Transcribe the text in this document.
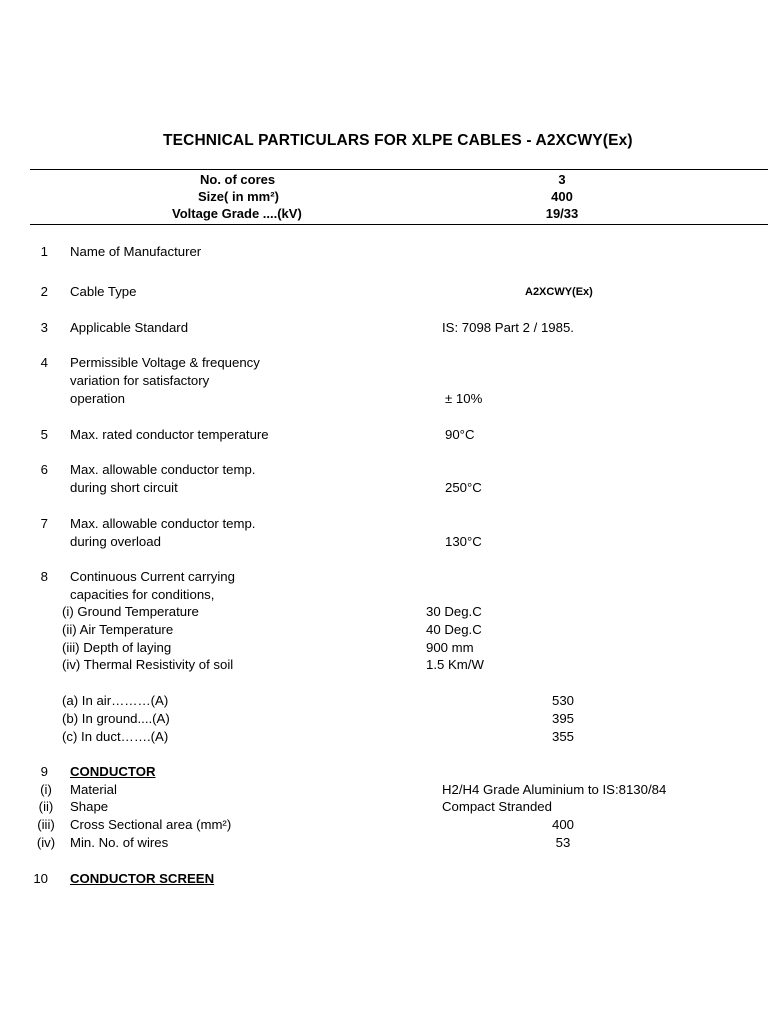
TECHNICAL PARTICULARS FOR XLPE CABLES - A2XCWY(Ex)
No. of cores	3
Size( in mm²)	400
Voltage Grade ....(kV)	19/33
1 Name of Manufacturer
2 Cable Type	A2XCWY(Ex)
3 Applicable Standard	IS: 7098 Part 2 / 1985.
4 Permissible Voltage & frequency
variation for satisfactory
operation	± 10%
5 Max. rated conductor temperature	90°C
6 Max. allowable conductor temp.
during short circuit	250°C
7 Max. allowable conductor temp.
during overload	130°C
8 Continuous Current carrying
capacities for conditions,
(i) Ground Temperature	30 Deg.C
(ii) Air Temperature	40 Deg.C
(iii) Depth of laying	900 mm
(iv) Thermal Resistivity of soil	1.5 Km/W
(a) In air………(A)	530
(b) In ground....(A)	395
(c) In duct…….(A)	355
9 CONDUCTOR
(i)	Material	H2/H4 Grade Aluminium to IS:8130/84
(ii)	Shape	Compact Stranded
(iii)	Cross Sectional area (mm²)	400
(iv) Min. No. of wires	53
10 CONDUCTOR SCREEN
